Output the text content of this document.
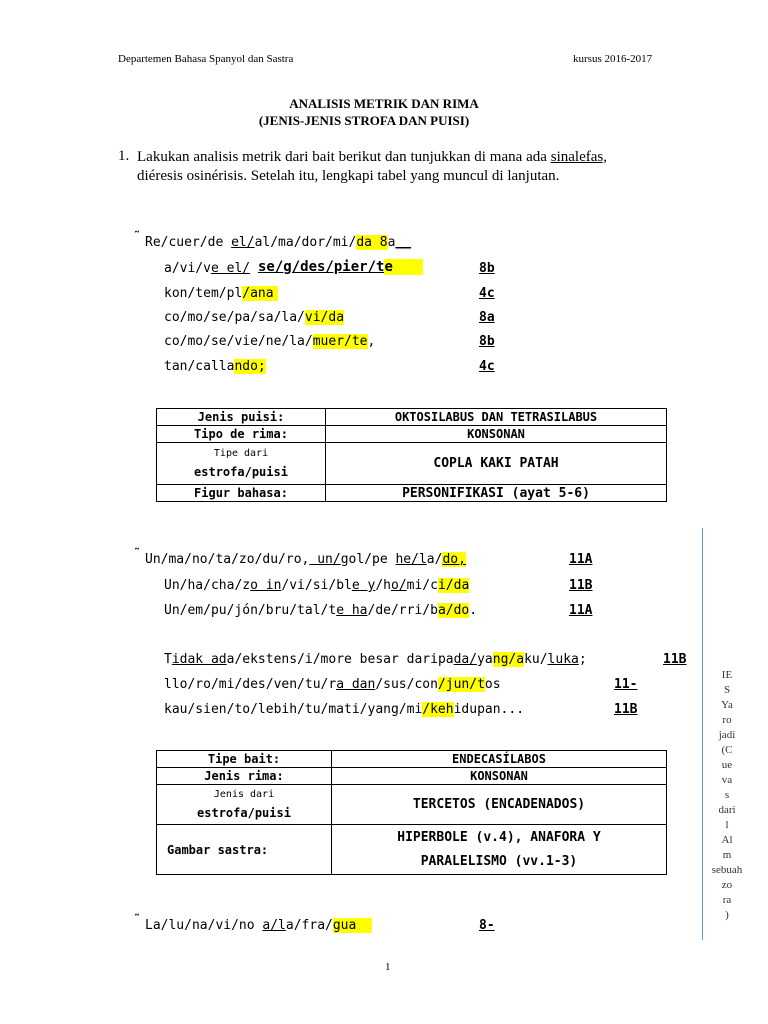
Departemen Bahasa Spanyol dan Sastra	kursus 2016-2017
ANALISIS METRIK DAN RIMA
(JENIS-JENIS STROFA DAN PUISI)
1. Lakukan analisis metrik dari bait berikut dan tunjukkan di mana ada sinalefas, diéresis osinérisis. Setelah itu, lengkapi tabel yang muncul di lanjutan.
˜ Re/cuer/de el/al/ma/dor/mi/da 8a__
a/vi/ve el/ se/g/des/pier/te	8b
kon/tem/pl/ana	4c
co/mo/se/pa/sa/la/vi/da	8a
co/mo/se/vie/ne/la/muer/te,	8b
tan/callando;	4c
Jenis puisi:	OKTOSILABUS DAN TETRASILABUS
Tipo de rima:	KONSONAN

Tipe dari
estrofa/puisi	COPLA KAKI PATAH
Figur bahasa:	PERSONIFIKASI (ayat 5-6)
˜ Un/ma/no/ta/zo/du/ro, un/gol/pe he/la/do,	11A
Un/ha/cha/zo in/vi/si/ble y/ho/mi/ci/da	11B
Un/em/pu/jón/bru/tal/te ha/de/rri/ba/do.	11A
Tidak ada/ekstens/i/more besar daripada/yang/aku/luka;	11B
llo/ro/mi/des/ven/tu/ra dan/sus/con/jun/tos	11-
kau/sien/to/lebih/tu/mati/yang/mi/kehidupan...	11B
Tipe bait:	ENDECASÍLABOS
Jenis rima:	KONSONAN

Jenis dari
estrofa/puisi	TERCETOS (ENCADENADOS)
Gambar sastra:	HIPERBOLE (v.4), ANAFORA Y
PARALELISMO (vv.1-3)
˜ La/lu/na/vi/no a/la/fra/gua	8-
IE
S
Ya
ro
jadi
(C
ue
va
s
dari
l
Al
m
sebuah
zo
ra
)
1
